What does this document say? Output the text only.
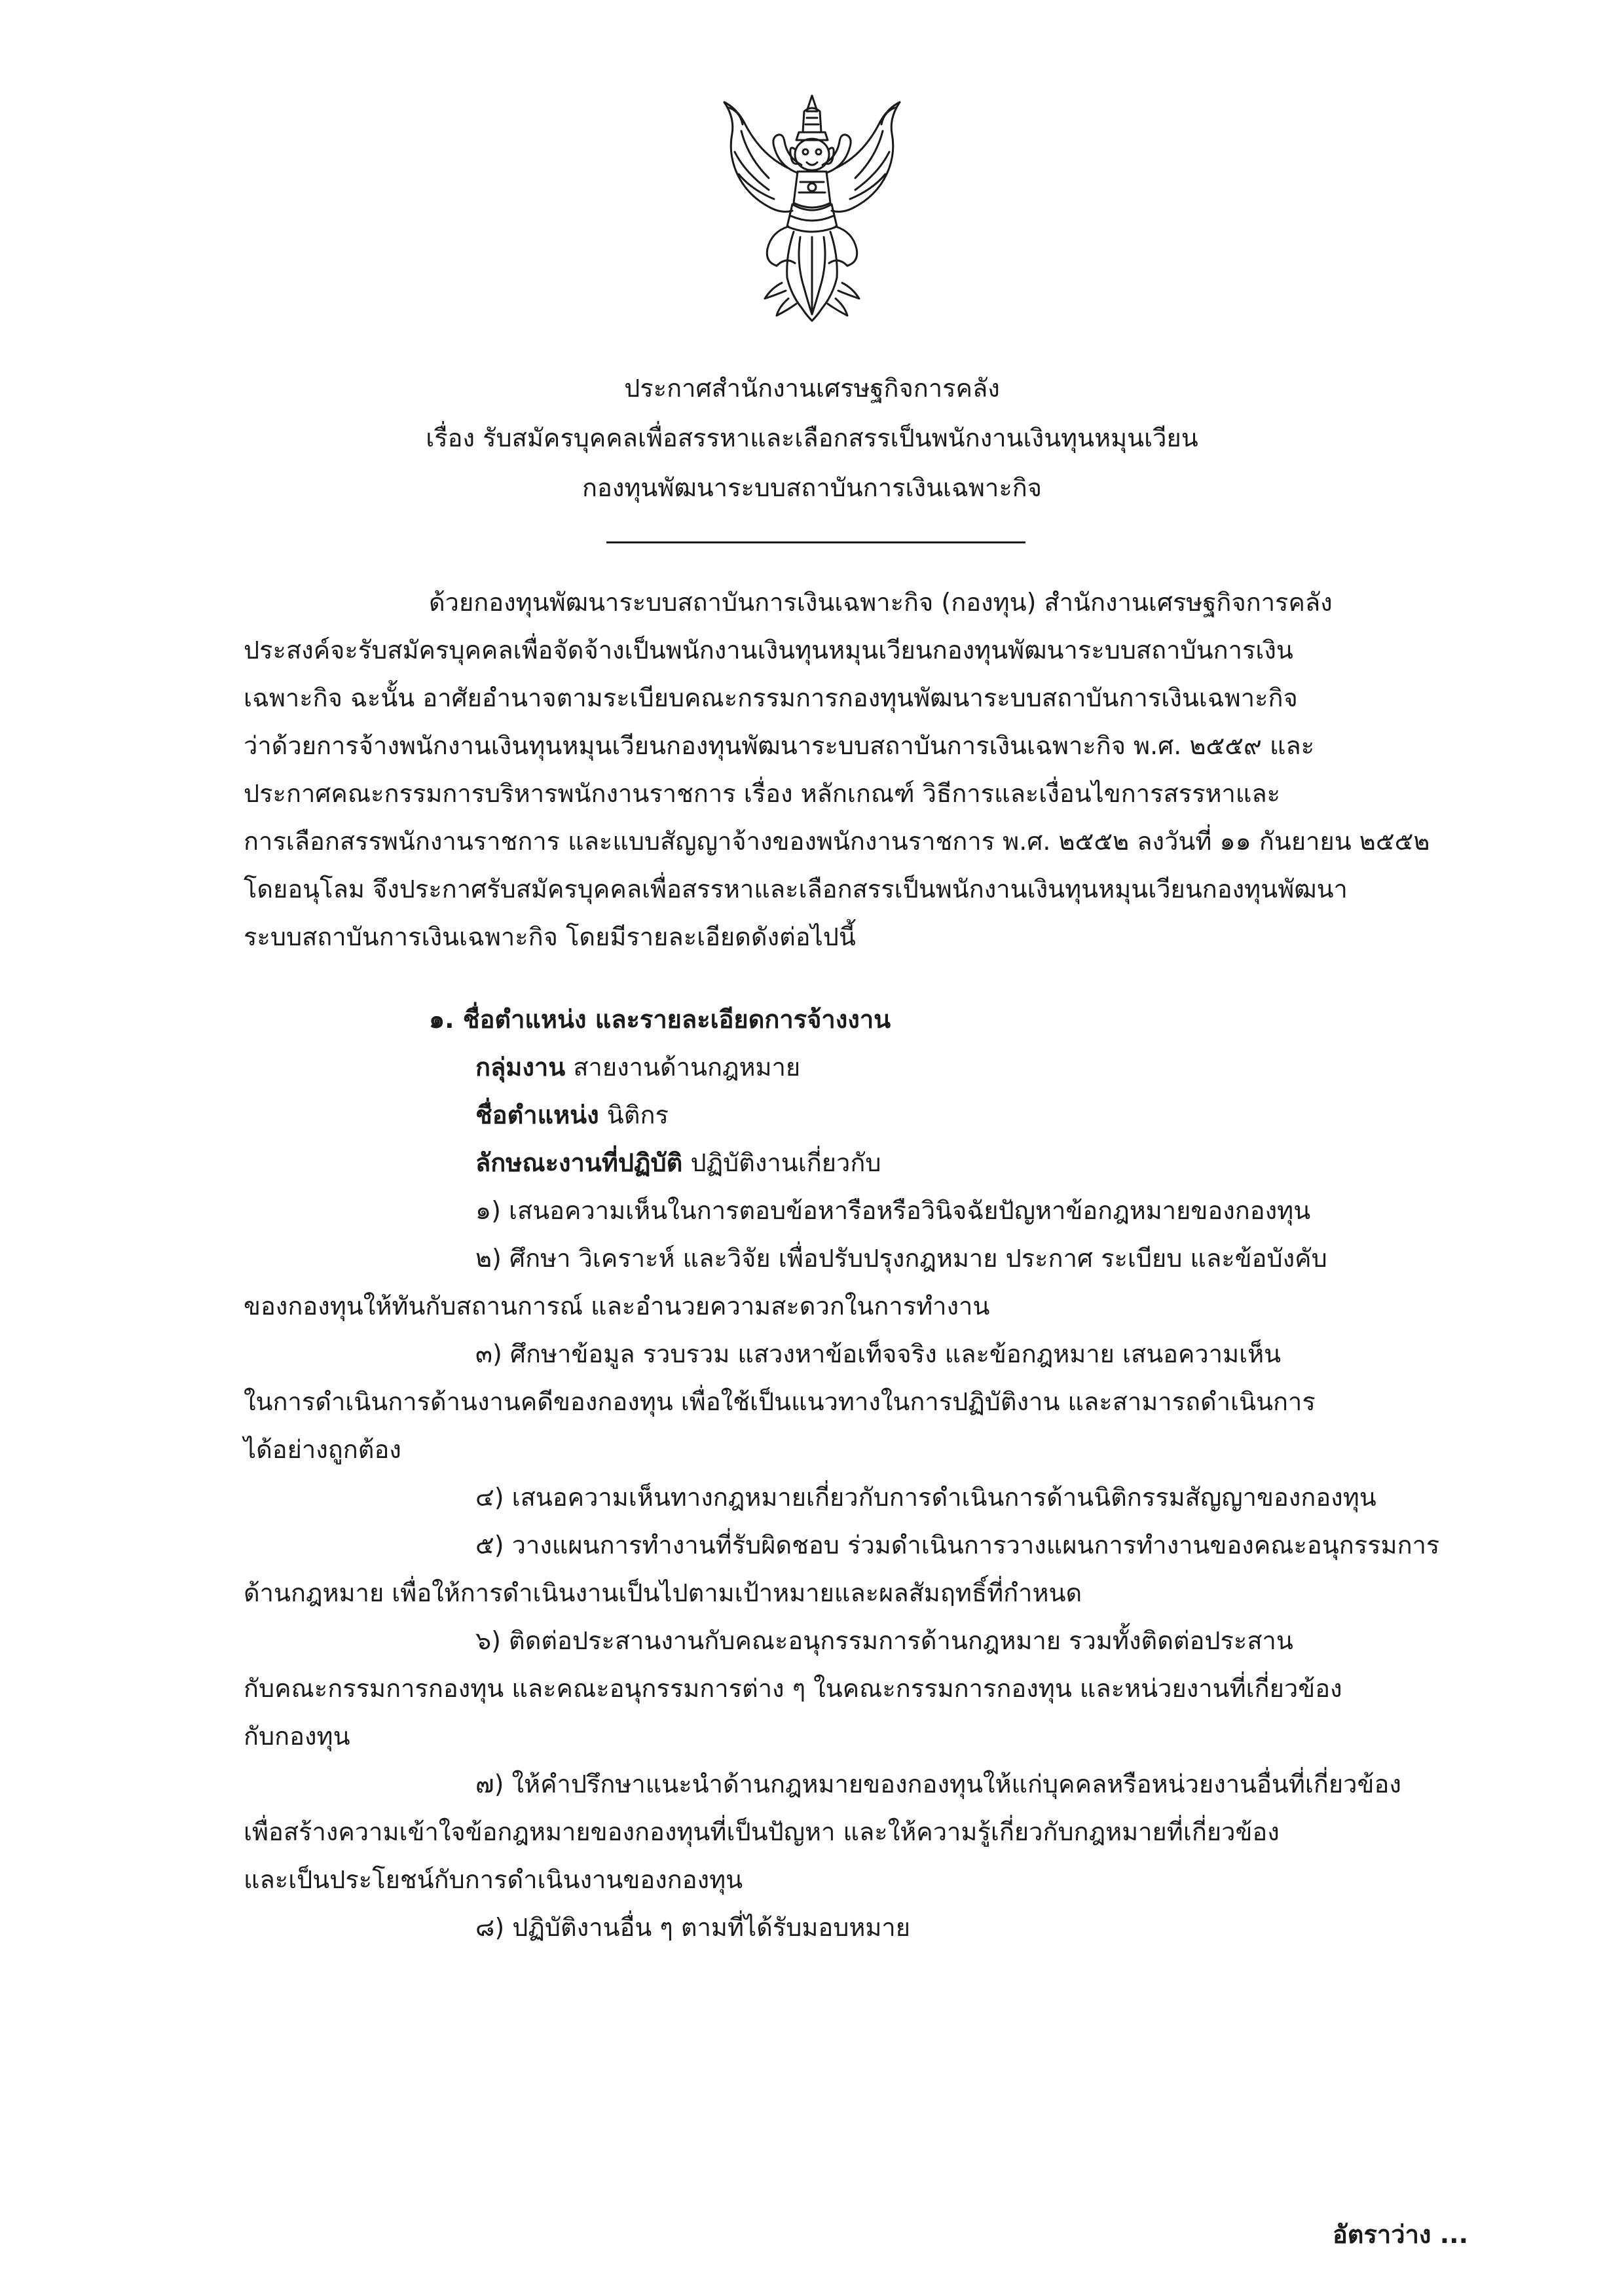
ประกาศสำนักงานเศรษฐกิจการคลัง
เรื่อง รับสมัครบุคคลเพื่อสรรหาและเลือกสรรเป็นพนักงานเงินทุนหมุนเวียน
กองทุนพัฒนาระบบสถาบันการเงินเฉพาะกิจ
ด้วยกองทุนพัฒนาระบบสถาบันการเงินเฉพาะกิจ (กองทุน) สำนักงานเศรษฐกิจการคลัง
ประสงค์จะรับสมัครบุคคลเพื่อจัดจ้างเป็นพนักงานเงินทุนหมุนเวียนกองทุนพัฒนาระบบสถาบันการเงิน
เฉพาะกิจ ฉะนั้น อาศัยอำนาจตามระเบียบคณะกรรมการกองทุนพัฒนาระบบสถาบันการเงินเฉพาะกิจ
ว่าด้วยการจ้างพนักงานเงินทุนหมุนเวียนกองทุนพัฒนาระบบสถาบันการเงินเฉพาะกิจ พ.ศ. ๒๕๕๙ และ
ประกาศคณะกรรมการบริหารพนักงานราชการ เรื่อง หลักเกณฑ์ วิธีการและเงื่อนไขการสรรหาและ
การเลือกสรรพนักงานราชการ และแบบสัญญาจ้างของพนักงานราชการ พ.ศ. ๒๕๕๒ ลงวันที่ ๑๑ กันยายน ๒๕๕๒
โดยอนุโลม จึงประกาศรับสมัครบุคคลเพื่อสรรหาและเลือกสรรเป็นพนักงานเงินทุนหมุนเวียนกองทุนพัฒนา
ระบบสถาบันการเงินเฉพาะกิจ โดยมีรายละเอียดดังต่อไปนี้
๑. ชื่อตำแหน่ง และรายละเอียดการจ้างงาน
กลุ่มงาน สายงานด้านกฎหมาย
ชื่อตำแหน่ง นิติกร
ลักษณะงานที่ปฏิบัติ ปฏิบัติงานเกี่ยวกับ
๑) เสนอความเห็นในการตอบข้อหารือหรือวินิจฉัยปัญหาข้อกฎหมายของกองทุน
๒) ศึกษา วิเคราะห์ และวิจัย เพื่อปรับปรุงกฎหมาย ประกาศ ระเบียบ และข้อบังคับ
ของกองทุนให้ทันกับสถานการณ์ และอำนวยความสะดวกในการทำงาน
๓) ศึกษาข้อมูล รวบรวม แสวงหาข้อเท็จจริง และข้อกฎหมาย เสนอความเห็น
ในการดำเนินการด้านงานคดีของกองทุน เพื่อใช้เป็นแนวทางในการปฏิบัติงาน และสามารถดำเนินการ
ได้อย่างถูกต้อง
๔) เสนอความเห็นทางกฎหมายเกี่ยวกับการดำเนินการด้านนิติกรรมสัญญาของกองทุน
๕) วางแผนการทำงานที่รับผิดชอบ ร่วมดำเนินการวางแผนการทำงานของคณะอนุกรรมการ
ด้านกฎหมาย เพื่อให้การดำเนินงานเป็นไปตามเป้าหมายและผลสัมฤทธิ์ที่กำหนด
๖) ติดต่อประสานงานกับคณะอนุกรรมการด้านกฎหมาย รวมทั้งติดต่อประสาน
กับคณะกรรมการกองทุน และคณะอนุกรรมการต่าง ๆ ในคณะกรรมการกองทุน และหน่วยงานที่เกี่ยวข้อง
กับกองทุน
๗) ให้คำปรึกษาแนะนำด้านกฎหมายของกองทุนให้แก่บุคคลหรือหน่วยงานอื่นที่เกี่ยวข้อง
เพื่อสร้างความเข้าใจข้อกฎหมายของกองทุนที่เป็นปัญหา และให้ความรู้เกี่ยวกับกฎหมายที่เกี่ยวข้อง
และเป็นประโยชน์กับการดำเนินงานของกองทุน
๘) ปฏิบัติงานอื่น ๆ ตามที่ได้รับมอบหมาย
อัตราว่าง ...
